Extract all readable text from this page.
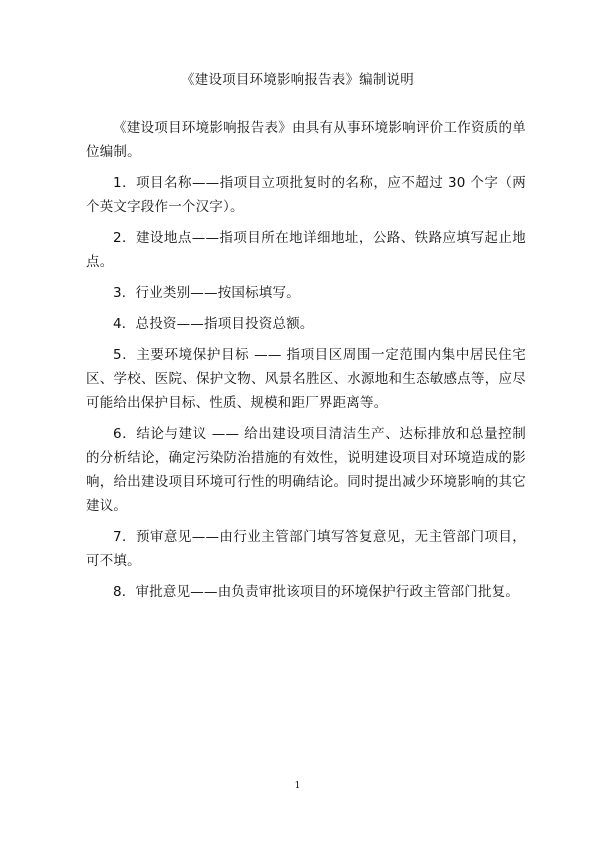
《建设项目环境影响报告表》编制说明

《建设项目环境影响报告表》由具有从事环境影响评价工作资质的单位编制。

1．项目名称——指项目立项批复时的名称，应不超过 30 个字（两个英文字段作一个汉字）。

2．建设地点——指项目所在地详细地址，公路、铁路应填写起止地点。

3．行业类别——按国标填写。

4．总投资——指项目投资总额。

5．主要环境保护目标 —— 指项目区周围一定范围内集中居民住宅区、学校、医院、保护文物、风景名胜区、水源地和生态敏感点等，应尽可能给出保护目标、性质、规模和距厂界距离等。

6．结论与建议 —— 给出建设项目清洁生产、达标排放和总量控制的分析结论，确定污染防治措施的有效性，说明建设项目对环境造成的影响，给出建设项目环境可行性的明确结论。同时提出减少环境影响的其它建议。

7．预审意见——由行业主管部门填写答复意见，无主管部门项目，可不填。

8．审批意见——由负责审批该项目的环境保护行政主管部门批复。

1
